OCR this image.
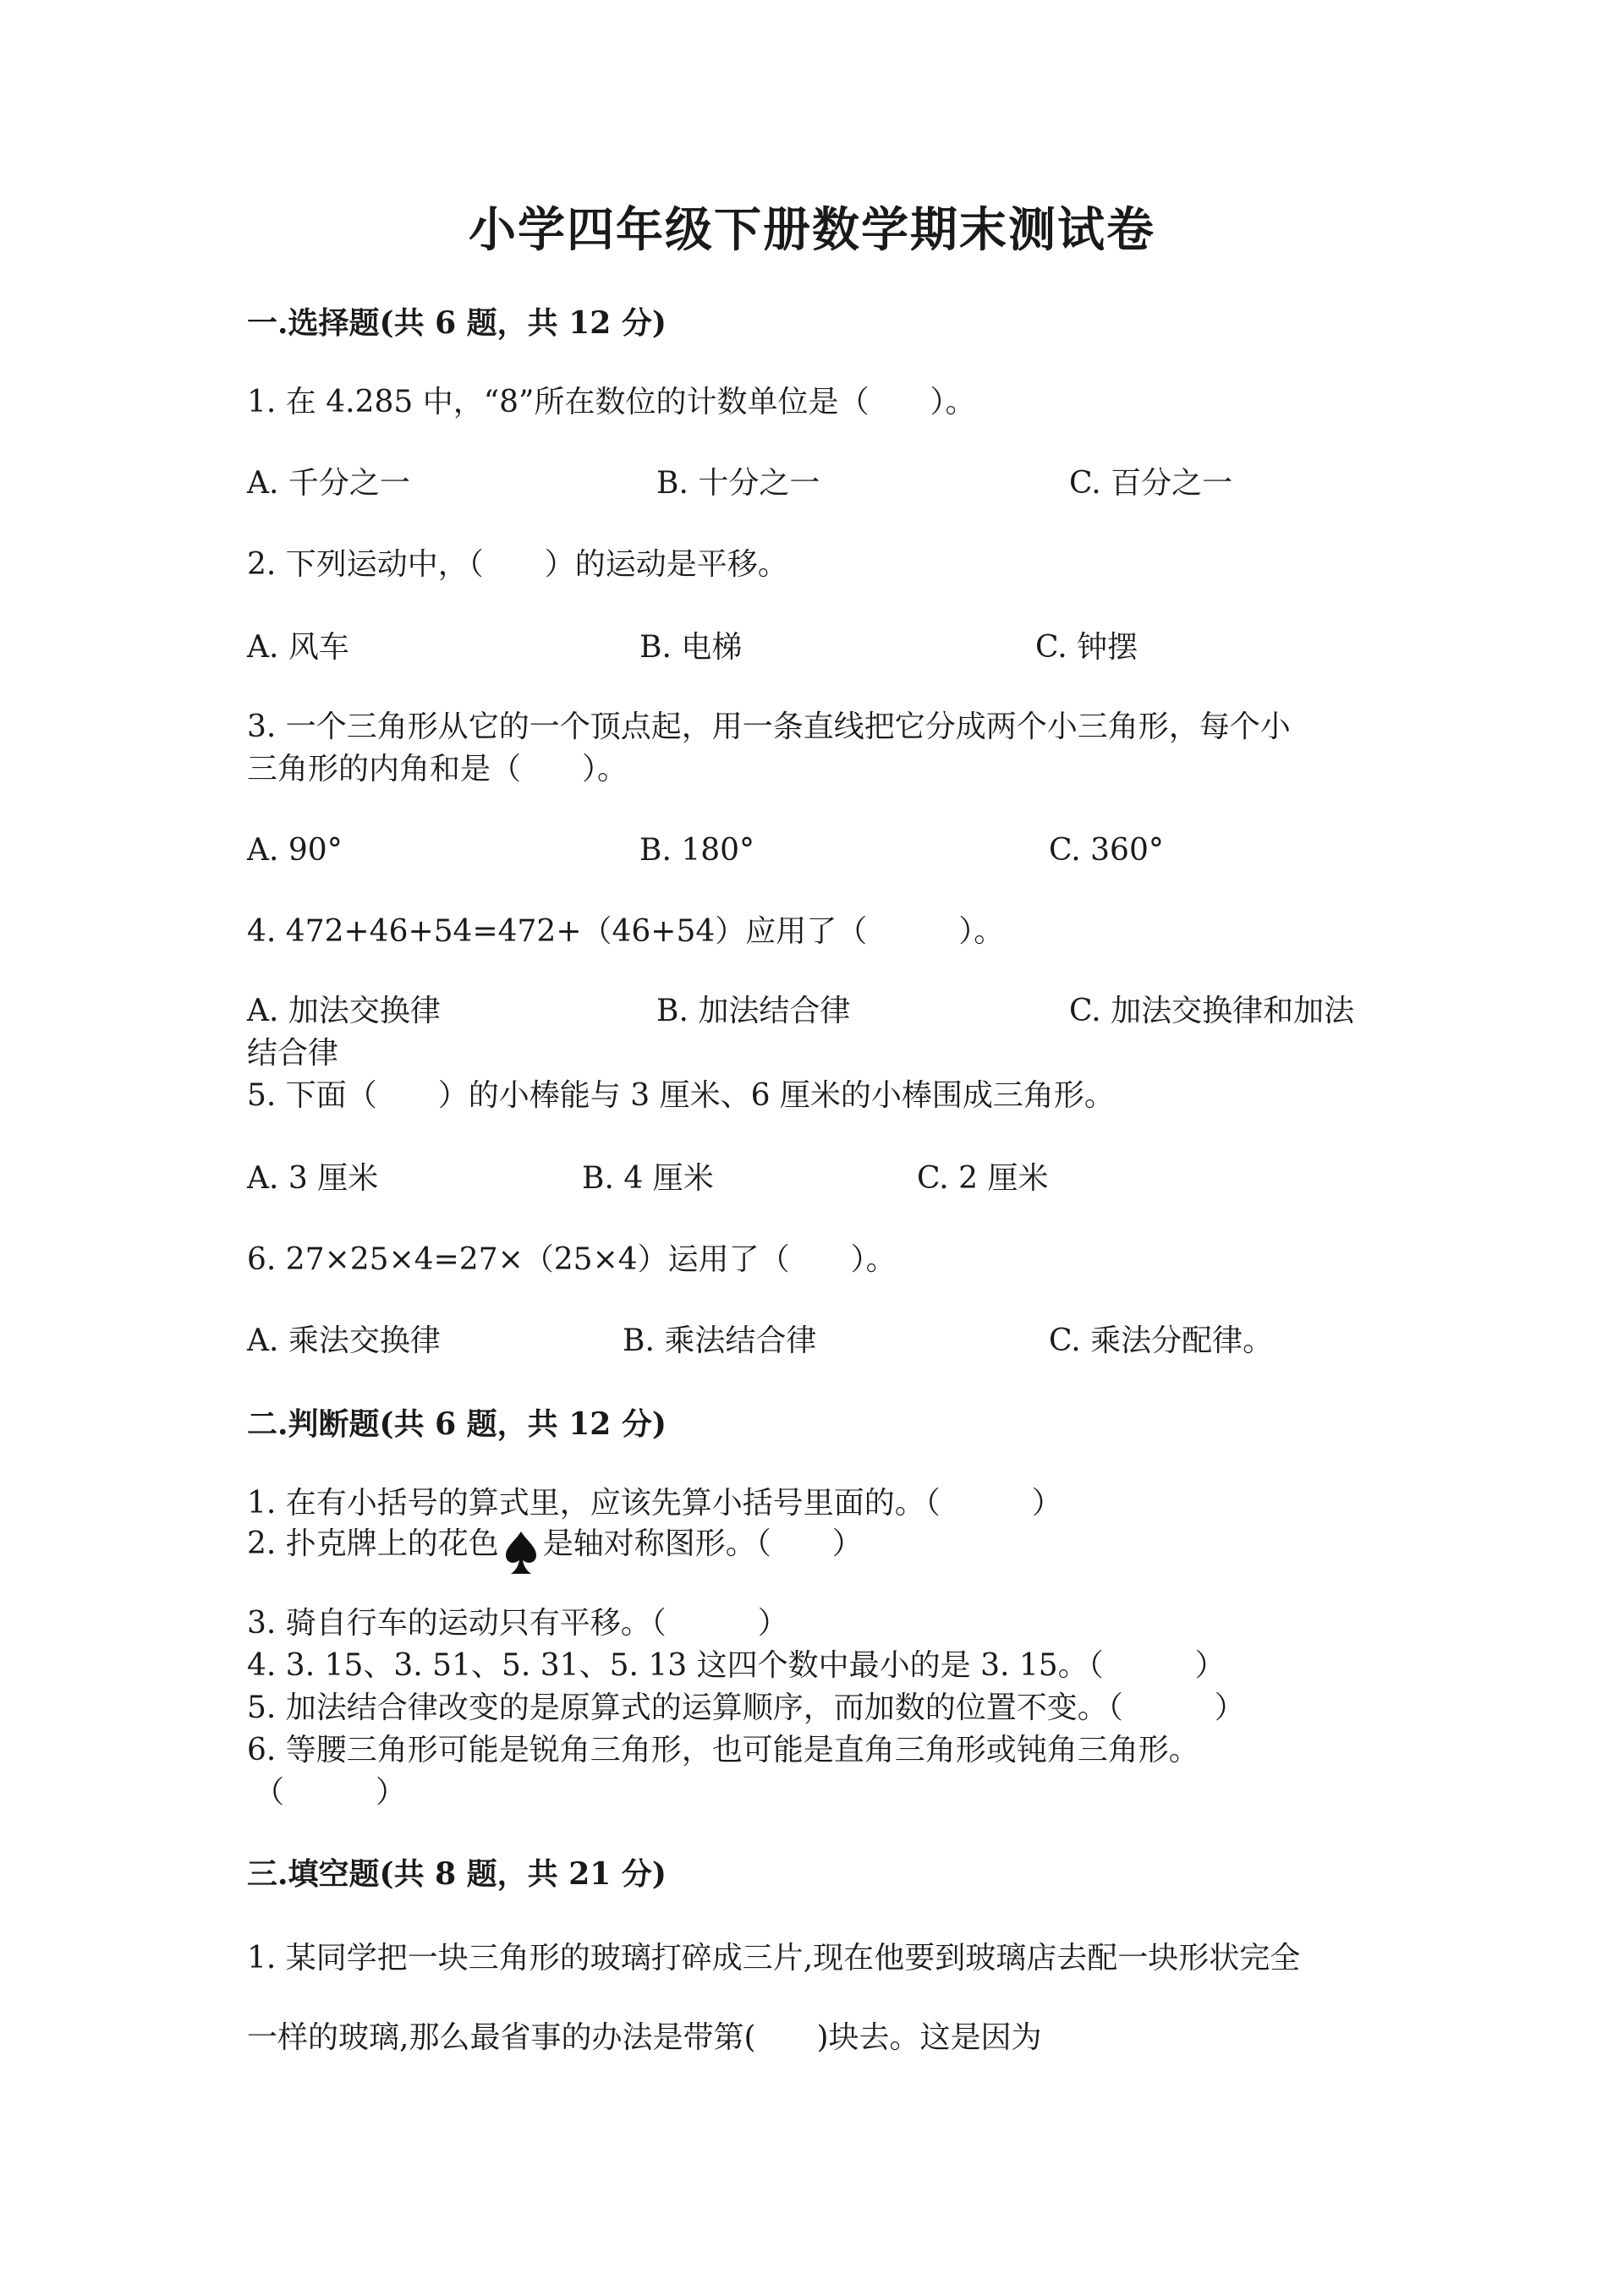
小学四年级下册数学期末测试卷
一.选择题(共 6 题，共 12 分)
1. 在 4.285 中，“8”所在数位的计数单位是（　　）。
A. 千分之一	B. 十分之一	C. 百分之一
2. 下列运动中，（　　）的运动是平移。
A. 风车	B. 电梯	C. 钟摆
3. 一个三角形从它的一个顶点起，用一条直线把它分成两个小三角形，每个小
三角形的内角和是（　　）。
A. 90°	B. 180°	C. 360°
4. 472+46+54=472+（46+54）应用了（　　　）。
A. 加法交换律	B. 加法结合律	C. 加法交换律和加法
结合律
5. 下面（　　）的小棒能与 3 厘米、6 厘米的小棒围成三角形。
A. 3 厘米	B. 4 厘米	C. 2 厘米
6. 27×25×4=27×（25×4）运用了（　　）。
A. 乘法交换律	B. 乘法结合律	C. 乘法分配律。
二.判断题(共 6 题，共 12 分)
1. 在有小括号的算式里，应该先算小括号里面的。（　　　）
2. 扑克牌上的花色 是轴对称图形。（　　）
3. 骑自行车的运动只有平移。（　　　）
4. 3. 15、3. 51、5. 31、5. 13 这四个数中最小的是 3. 15。（　　　）
5. 加法结合律改变的是原算式的运算顺序，而加数的位置不变。（　　　）
6. 等腰三角形可能是锐角三角形，也可能是直角三角形或钝角三角形。
（　　　）
三.填空题(共 8 题，共 21 分)
1. 某同学把一块三角形的玻璃打碎成三片,现在他要到玻璃店去配一块形状完全
一样的玻璃,那么最省事的办法是带第(　　)块去。这是因为
